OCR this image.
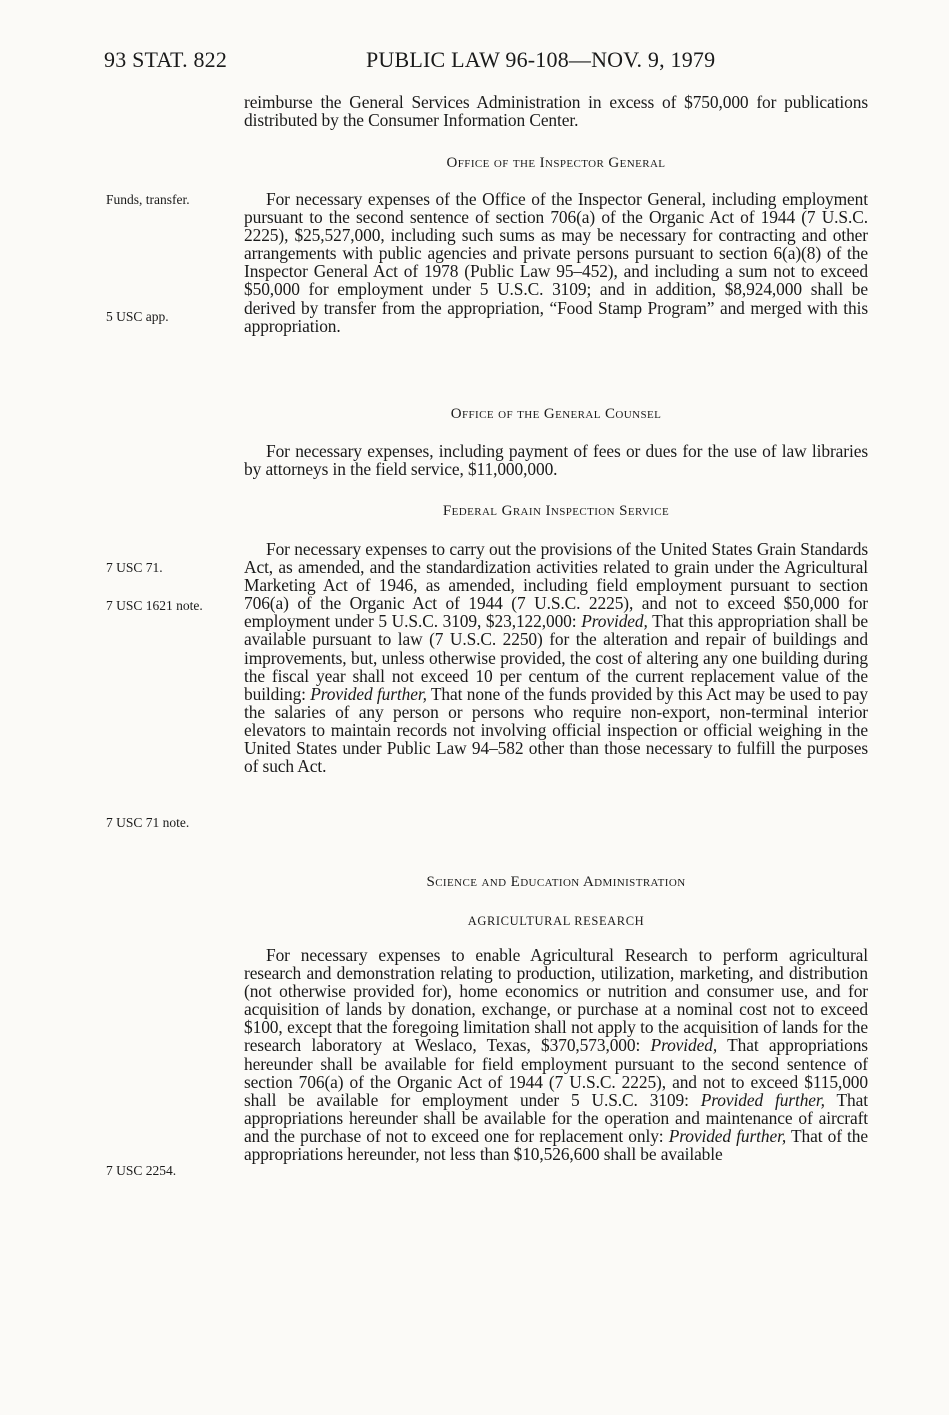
93 STAT. 822	PUBLIC LAW 96-108—NOV. 9, 1979
Funds, transfer.
5 USC app.
7 USC 71.
7 USC 1621 note.
7 USC 71 note.
7 USC 2254.

reimburse the General Services Administration in excess of $750,000 for publications distributed by the Consumer Information Center.

Office of the Inspector General

For necessary expenses of the Office of the Inspector General, including employment pursuant to the second sentence of section 706(a) of the Organic Act of 1944 (7 U.S.C. 2225), $25,527,000, including such sums as may be necessary for contracting and other arrangements with public agencies and private persons pursuant to section 6(a)(8) of the Inspector General Act of 1978 (Public Law 95–452), and including a sum not to exceed $50,000 for employment under 5 U.S.C. 3109; and in addition, $8,924,000 shall be derived by transfer from the appropriation, “Food Stamp Program” and merged with this appropriation.

Office of the General Counsel

For necessary expenses, including payment of fees or dues for the use of law libraries by attorneys in the field service, $11,000,000.

Federal Grain Inspection Service

For necessary expenses to carry out the provisions of the United States Grain Standards Act, as amended, and the standardization activities related to grain under the Agricultural Marketing Act of 1946, as amended, including field employment pursuant to section 706(a) of the Organic Act of 1944 (7 U.S.C. 2225), and not to exceed $50,000 for employment under 5 U.S.C. 3109, $23,122,000: Provided, That this appropriation shall be available pursuant to law (7 U.S.C. 2250) for the alteration and repair of buildings and improvements, but, unless otherwise provided, the cost of altering any one building during the fiscal year shall not exceed 10 per centum of the current replacement value of the building: Provided further, That none of the funds provided by this Act may be used to pay the salaries of any person or persons who require non-export, non-terminal interior elevators to maintain records not involving official inspection or official weighing in the United States under Public Law 94–582 other than those necessary to fulfill the purposes of such Act.

Science and Education Administration
AGRICULTURAL RESEARCH

For necessary expenses to enable Agricultural Research to perform agricultural research and demonstration relating to production, utilization, marketing, and distribution (not otherwise provided for), home economics or nutrition and consumer use, and for acquisition of lands by donation, exchange, or purchase at a nominal cost not to exceed $100, except that the foregoing limitation shall not apply to the acquisition of lands for the research laboratory at Weslaco, Texas, $370,573,000: Provided, That appropriations hereunder shall be available for field employment pursuant to the second sentence of section 706(a) of the Organic Act of 1944 (7 U.S.C. 2225), and not to exceed $115,000 shall be available for employment under 5 U.S.C. 3109: Provided further, That appropriations hereunder shall be available for the operation and maintenance of aircraft and the purchase of not to exceed one for replacement only: Provided further, That of the appropriations hereunder, not less than $10,526,600 shall be available
